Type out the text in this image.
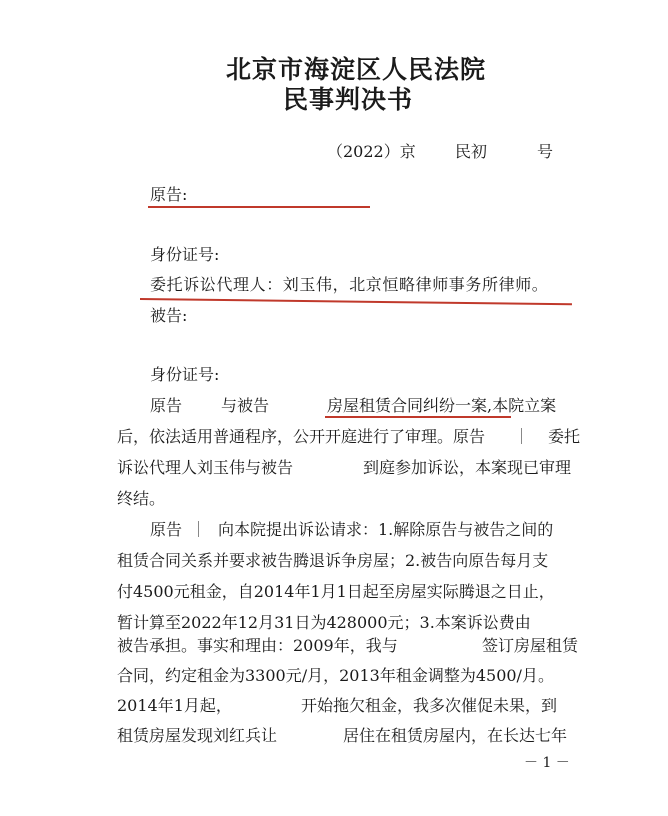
北京市海淀区人民法院
民事判决书
（2022）京 民初	号
原告:
身份证号:
委托诉讼代理人：刘玉伟，北京恒略律师事务所律师。
被告:
身份证号:
原告 与被告	房屋租赁合同纠纷一案,本院立案
后，依法适用普通程序，公开开庭进行了审理。原告	委托
诉讼代理人刘玉伟与被告	到庭参加诉讼，本案现已审理
终结。
原告 向本院提出诉讼请求：1.解除原告与被告之间的
租赁合同关系并要求被告腾退诉争房屋；2.被告向原告每月支
付4500元租金，自2014年1月1日起至房屋实际腾退之日止，
暂计算至2022年12月31日为428000元；3.本案诉讼费由
被告承担。事实和理由：2009年，我与	签订房屋租赁
合同，约定租金为3300元/月，2013年租金调整为4500/月。
2014年1月起，	开始拖欠租金，我多次催促未果，到
租赁房屋发现刘红兵让	居住在租赁房屋内，在长达七年
－ 1 －
